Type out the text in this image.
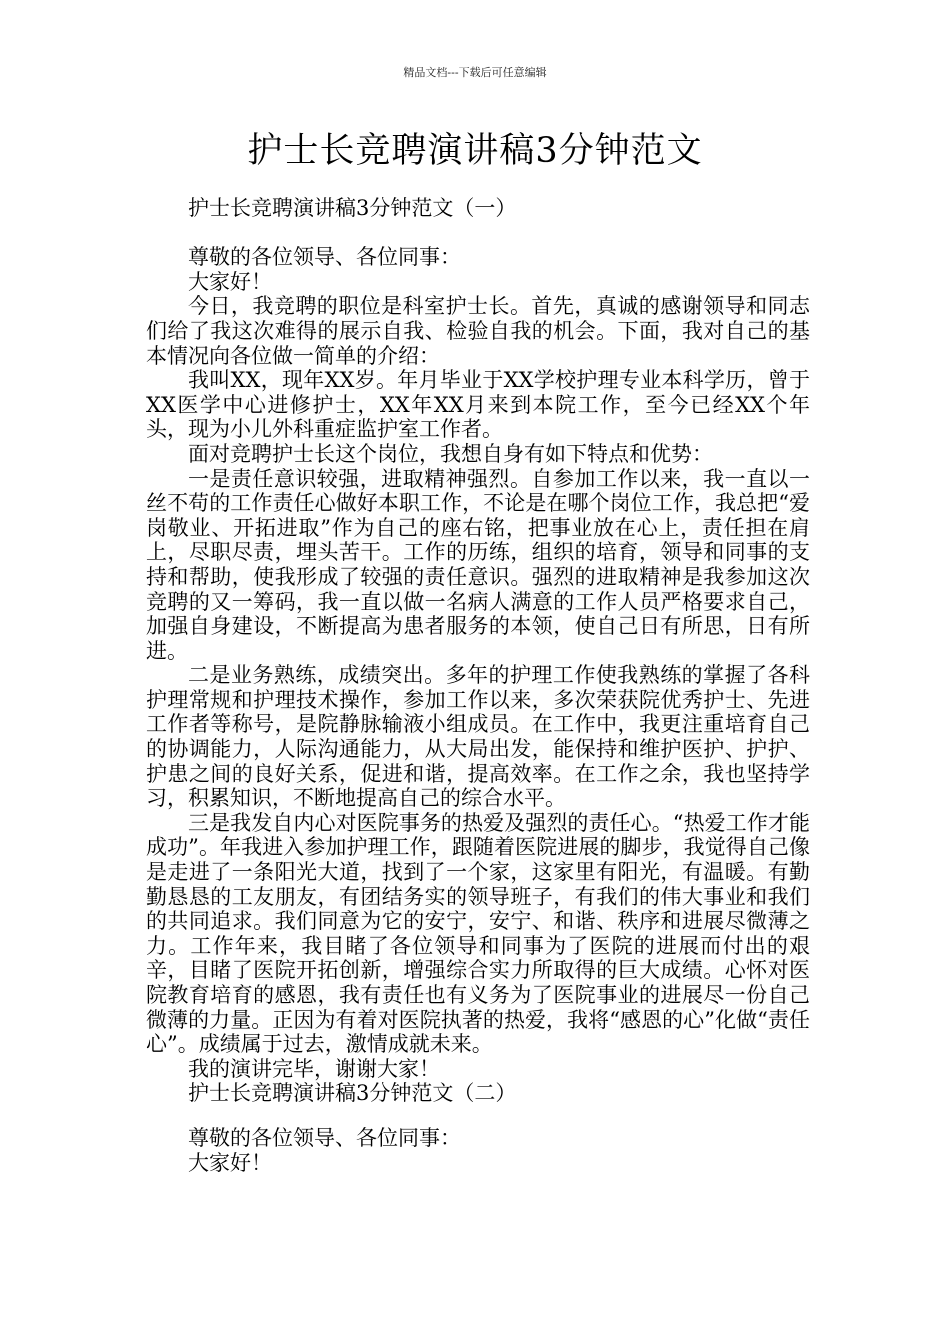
精品文档---下载后可任意编辑
护士长竞聘演讲稿3分钟范文

护士长竞聘演讲稿3分钟范文（一）

尊敬的各位领导、各位同事：

大家好！

今日，我竞聘的职位是科室护士长。首先，真诚的感谢领导和同志们给了我这次难得的展示自我、检验自我的机会。下面，我对自己的基本情况向各位做一简单的介绍：

我叫XX，现年XX岁。年月毕业于XX学校护理专业本科学历，曾于XX医学中心进修护士，XX年XX月来到本院工作，至今已经XX个年头，现为小儿外科重症监护室工作者。

面对竞聘护士长这个岗位，我想自身有如下特点和优势：

一是责任意识较强，进取精神强烈。自参加工作以来，我一直以一丝不苟的工作责任心做好本职工作，不论是在哪个岗位工作，我总把“爱岗敬业、开拓进取”作为自己的座右铭，把事业放在心上，责任担在肩上，尽职尽责，埋头苦干。工作的历练，组织的培育，领导和同事的支持和帮助，使我形成了较强的责任意识。强烈的进取精神是我参加这次竞聘的又一筹码，我一直以做一名病人满意的工作人员严格要求自己，加强自身建设，不断提高为患者服务的本领，使自己日有所思，日有所进。

二是业务熟练，成绩突出。多年的护理工作使我熟练的掌握了各科护理常规和护理技术操作，参加工作以来，多次荣获院优秀护士、先进工作者等称号，是院静脉输液小组成员。在工作中，我更注重培育自己的协调能力，人际沟通能力，从大局出发，能保持和维护医护、护护、护患之间的良好关系，促进和谐，提高效率。在工作之余，我也坚持学习，积累知识，不断地提高自己的综合水平。

三是我发自内心对医院事务的热爱及强烈的责任心。“热爱工作才能成功”。年我进入参加护理工作，跟随着医院进展的脚步，我觉得自己像是走进了一条阳光大道，找到了一个家，这家里有阳光，有温暖。有勤勤恳恳的工友朋友，有团结务实的领导班子，有我们的伟大事业和我们的共同追求。我们同意为它的安宁，安宁、和谐、秩序和进展尽微薄之力。工作年来，我目睹了各位领导和同事为了医院的进展而付出的艰辛，目睹了医院开拓创新，增强综合实力所取得的巨大成绩。心怀对医院教育培育的感恩，我有责任也有义务为了医院事业的进展尽一份自己微薄的力量。正因为有着对医院执著的热爱，我将“感恩的心”化做“责任心”。成绩属于过去，激情成就未来。

我的演讲完毕，谢谢大家！

护士长竞聘演讲稿3分钟范文（二）

尊敬的各位领导、各位同事：

大家好！
